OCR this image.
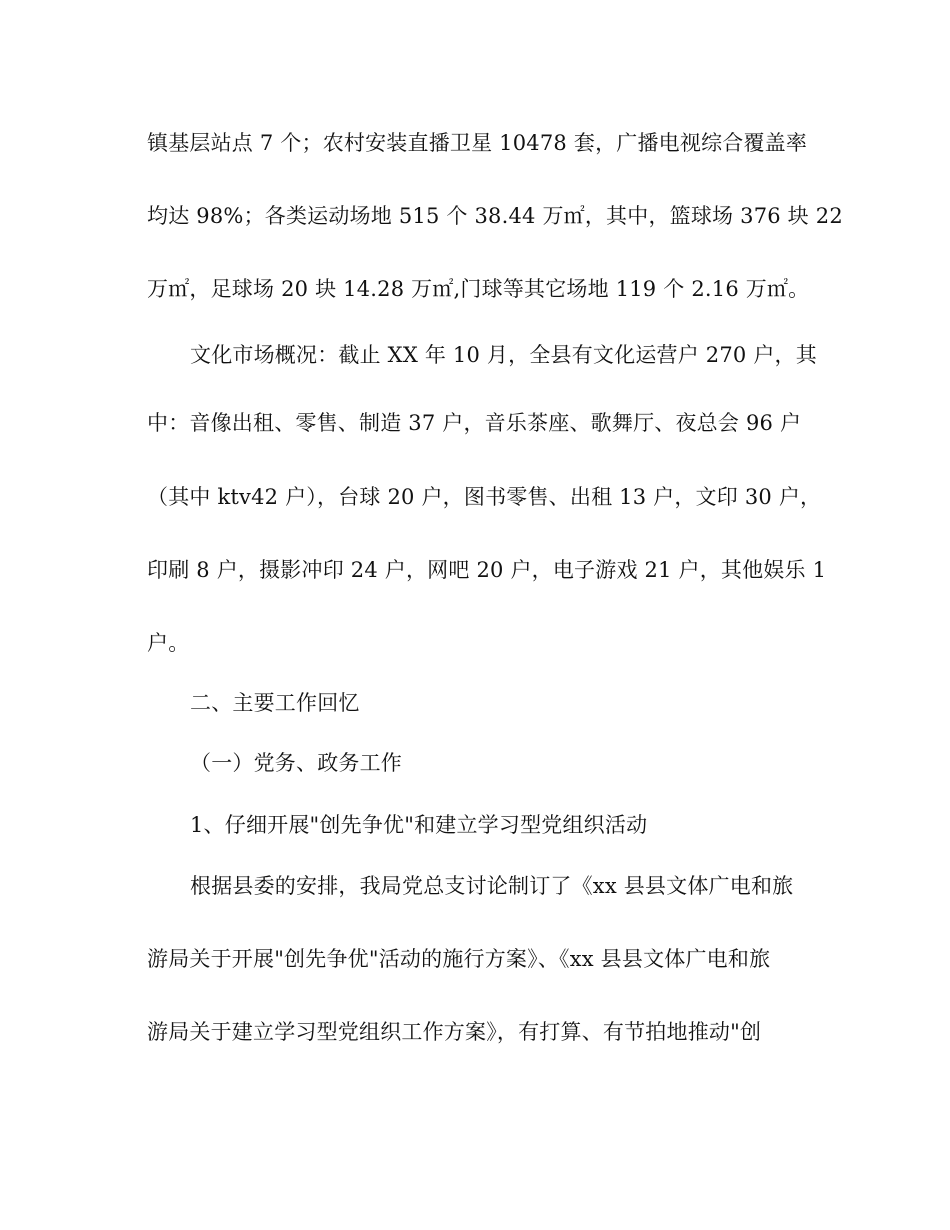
镇基层站点 7 个；农村安装直播卫星 10478 套，广播电视综合覆盖率
均达 98%；各类运动场地 515 个 38.44 万㎡，其中，篮球场 376 块 22
万㎡，足球场 20 块 14.28 万㎡,门球等其它场地 119 个 2.16 万㎡。
文化市场概况：截止 XX 年 10 月，全县有文化运营户 270 户，其
中：音像出租、零售、制造 37 户，音乐茶座、歌舞厅、夜总会 96 户
（其中 ktv42 户），台球 20 户，图书零售、出租 13 户，文印 30 户，
印刷 8 户，摄影冲印 24 户，网吧 20 户，电子游戏 21 户，其他娱乐 1
户。
二、主要工作回忆
（一）党务、政务工作
1、仔细开展"创先争优"和建立学习型党组织活动
根据县委的安排，我局党总支讨论制订了《xx 县县文体广电和旅
游局关于开展"创先争优"活动的施行方案》、《xx 县县文体广电和旅
游局关于建立学习型党组织工作方案》，有打算、有节拍地推动"创
